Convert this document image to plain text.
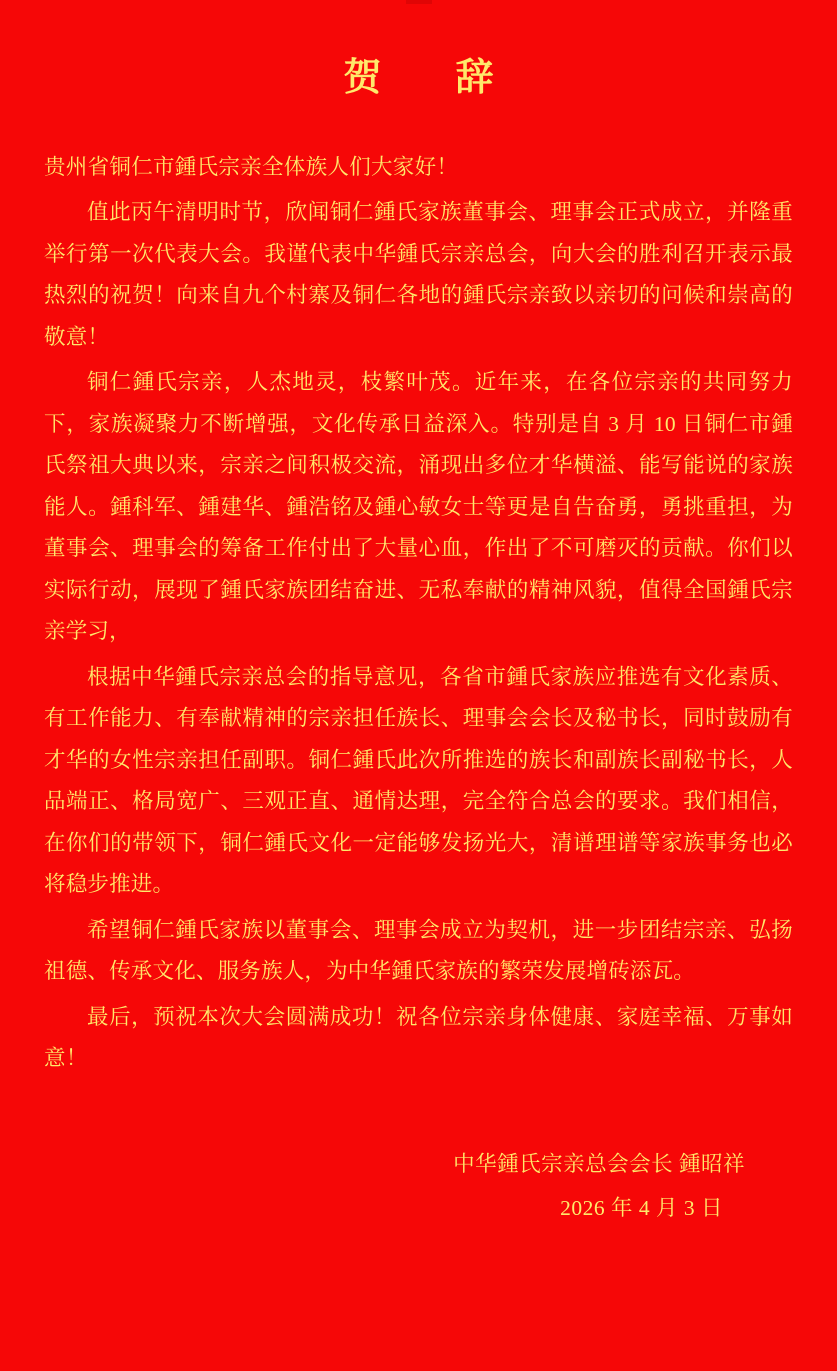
贺　辞
贵州省铜仁市鍾氏宗亲全体族人们大家好！

值此丙午清明时节，欣闻铜仁鍾氏家族董事会、理事会正式成立，并隆重举行第一次代表大会。我谨代表中华鍾氏宗亲总会，向大会的胜利召开表示最热烈的祝贺！向来自九个村寨及铜仁各地的鍾氏宗亲致以亲切的问候和崇高的敬意！

铜仁鍾氏宗亲，人杰地灵，枝繁叶茂。近年来，在各位宗亲的共同努力下，家族凝聚力不断增强，文化传承日益深入。特别是自 3 月 10 日铜仁市鍾氏祭祖大典以来，宗亲之间积极交流，涌现出多位才华横溢、能写能说的家族能人。鍾科军、鍾建华、鍾浩铭及鍾心敏女士等更是自告奋勇，勇挑重担，为董事会、理事会的筹备工作付出了大量心血，作出了不可磨灭的贡献。你们以实际行动，展现了鍾氏家族团结奋进、无私奉献的精神风貌，值得全国鍾氏宗亲学习，

根据中华鍾氏宗亲总会的指导意见，各省市鍾氏家族应推选有文化素质、有工作能力、有奉献精神的宗亲担任族长、理事会会长及秘书长，同时鼓励有才华的女性宗亲担任副职。铜仁鍾氏此次所推选的族长和副族长副秘书长，人品端正、格局宽广、三观正直、通情达理，完全符合总会的要求。我们相信，在你们的带领下，铜仁鍾氏文化一定能够发扬光大，清谱理谱等家族事务也必将稳步推进。

希望铜仁鍾氏家族以董事会、理事会成立为契机，进一步团结宗亲、弘扬祖德、传承文化、服务族人，为中华鍾氏家族的繁荣发展增砖添瓦。

最后，预祝本次大会圆满成功！祝各位宗亲身体健康、家庭幸福、万事如意！

中华鍾氏宗亲总会会长 鍾昭祥
2026 年 4 月 3 日
